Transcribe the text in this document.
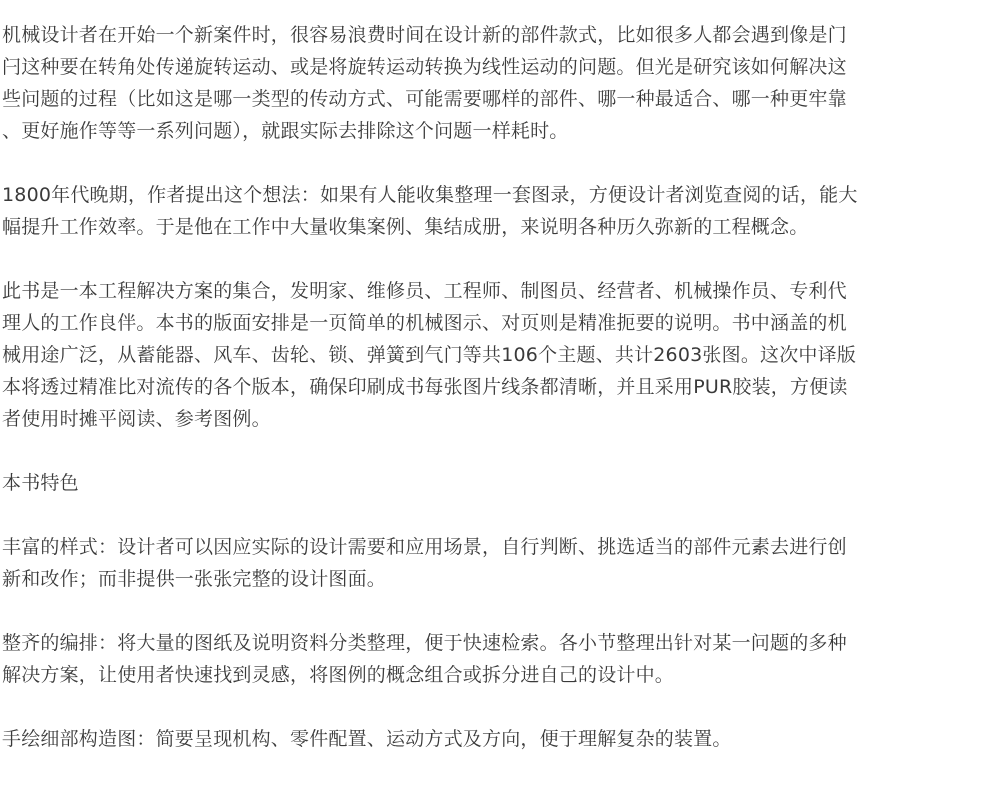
机械设计者在开始一个新案件时，很容易浪费时间在设计新的部件款式，比如很多人都会遇到像是门
闩这种要在转角处传递旋转运动、或是将旋转运动转换为线性运动的问题。但光是研究该如何解决这
些问题的过程（比如这是哪一类型的传动方式、可能需要哪样的部件、哪一种最适合、哪一种更牢靠
、更好施作等等一系列问题），就跟实际去排除这个问题一样耗时。

1800年代晚期，作者提出这个想法：如果有人能收集整理一套图录，方便设计者浏览查阅的话，能大
幅提升工作效率。于是他在工作中大量收集案例、集结成册，来说明各种历久弥新的工程概念。

此书是一本工程解决方案的集合，发明家、维修员、工程师、制图员、经营者、机械操作员、专利代
理人的工作良伴。本书的版面安排是一页简单的机械图示、对页则是精准扼要的说明。书中涵盖的机
械用途广泛，从蓄能器、风车、齿轮、锁、弹簧到气门等共106个主题、共计2603张图。这次中译版
本将透过精准比对流传的各个版本，确保印刷成书每张图片线条都清晰，并且采用PUR胶装，方便读
者使用时摊平阅读、参考图例。

本书特色

丰富的样式：设计者可以因应实际的设计需要和应用场景，自行判断、挑选适当的部件元素去进行创
新和改作；而非提供一张张完整的设计图面。

整齐的编排：将大量的图纸及说明资料分类整理，便于快速检索。各小节整理出针对某一问题的多种
解决方案，让使用者快速找到灵感，将图例的概念组合或拆分进自己的设计中。

手绘细部构造图：简要呈现机构、零件配置、运动方式及方向，便于理解复杂的装置。
